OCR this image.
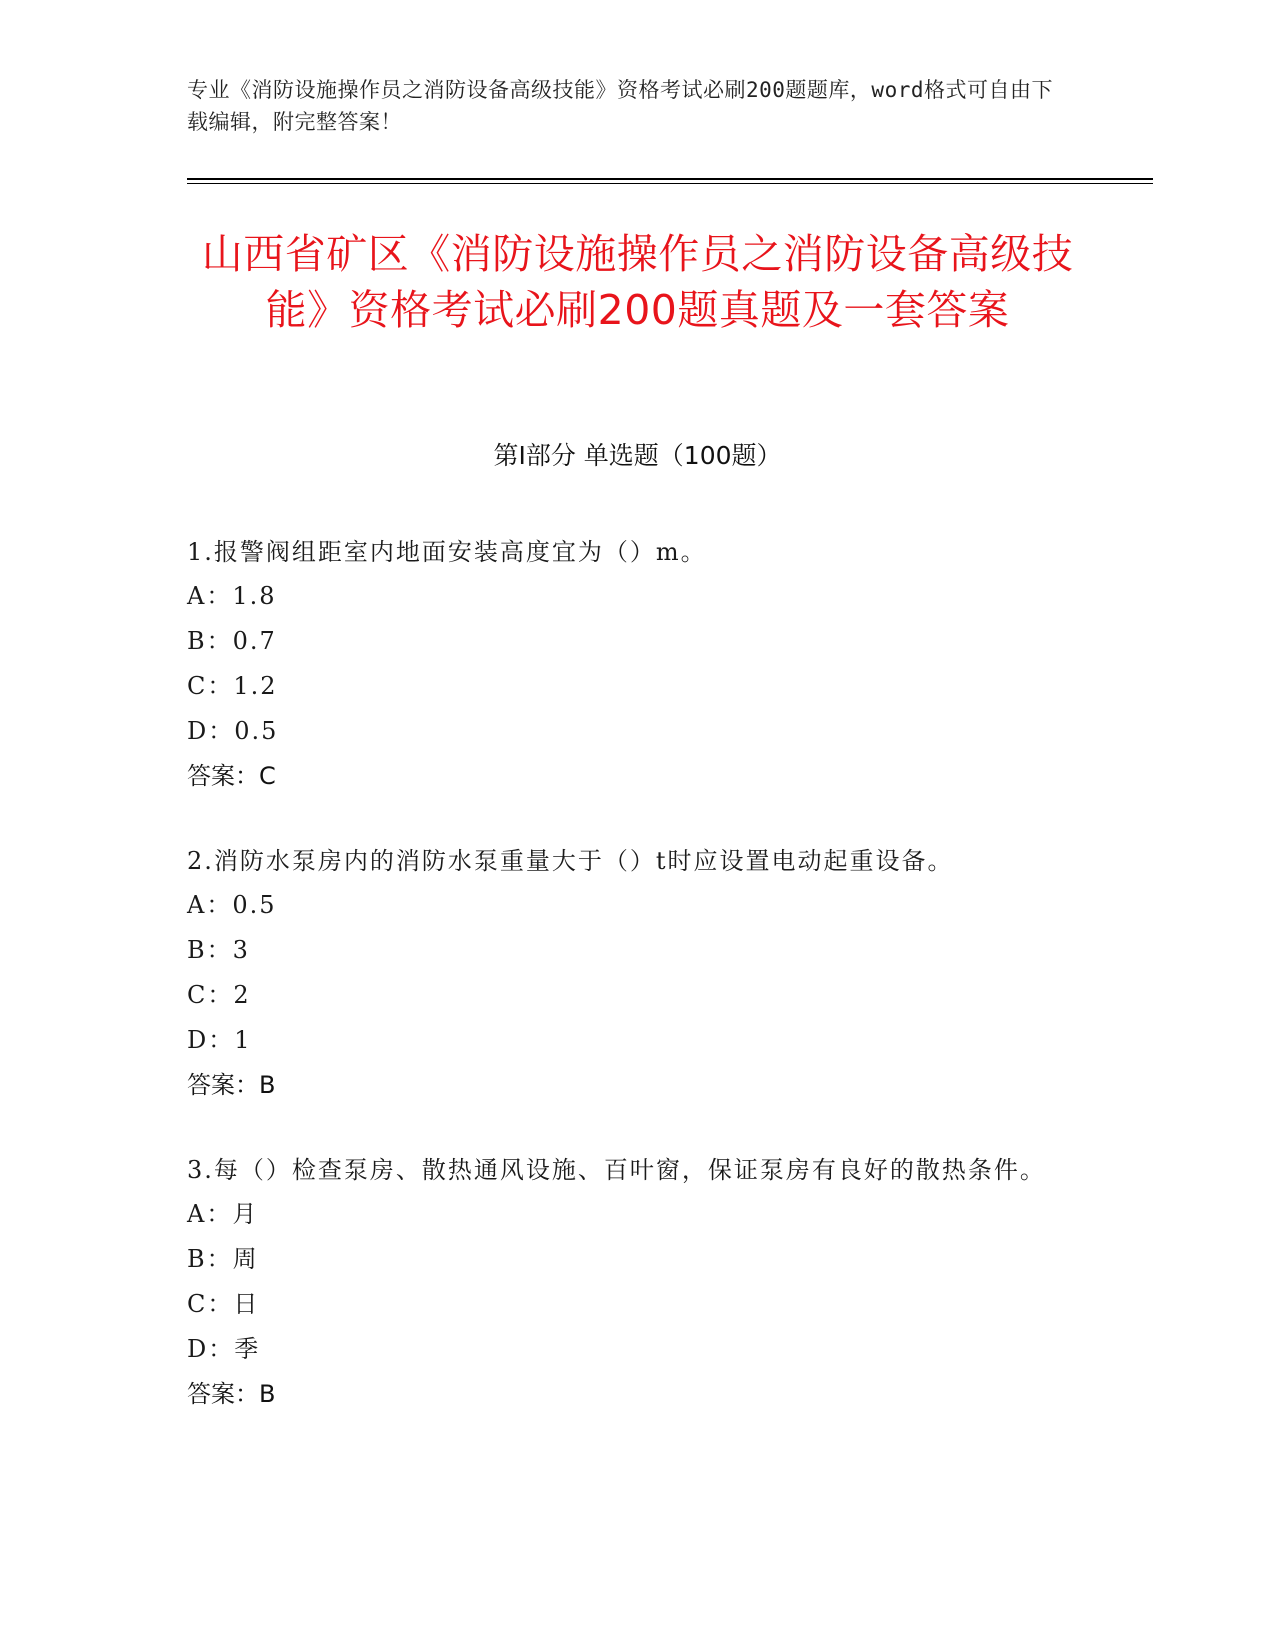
专业《消防设施操作员之消防设备高级技能》资格考试必刷200题题库，word格式可自由下载编辑，附完整答案！
山西省矿区《消防设施操作员之消防设备高级技能》资格考试必刷200题真题及一套答案
第Ⅰ部分 单选题（100题）
1.报警阀组距室内地面安装高度宜为（）m。
A：1.8
B：0.7
C：1.2
D：0.5
答案：C
2.消防水泵房内的消防水泵重量大于（）t时应设置电动起重设备。
A：0.5
B：3
C：2
D：1
答案：B
3.每（）检查泵房、散热通风设施、百叶窗，保证泵房有良好的散热条件。
A：月
B：周
C：日
D：季
答案：B
